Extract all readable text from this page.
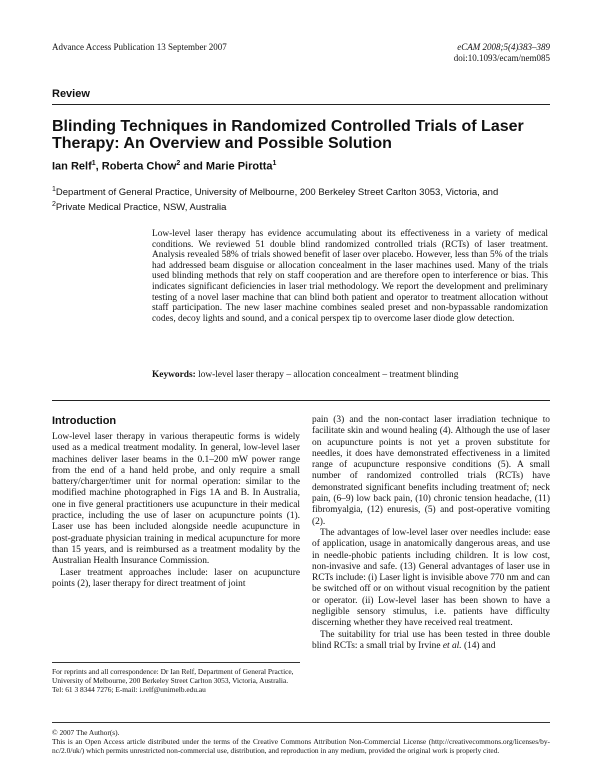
Advance Access Publication 13 September 2007	eCAM 2008;5(4)383–389
doi:10.1093/ecam/nem085
Review
Blinding Techniques in Randomized Controlled Trials of Laser Therapy: An Overview and Possible Solution
Ian Relf$^1$, Roberta Chow$^2$ and Marie Pirotta$^1$
$^1$Department of General Practice, University of Melbourne, 200 Berkeley Street Carlton 3053, Victoria, and
$^2$Private Medical Practice, NSW, Australia
Low-level laser therapy has evidence accumulating about its effectiveness in a variety of medical conditions. We reviewed 51 double blind randomized controlled trials (RCTs) of laser treatment. Analysis revealed 58% of trials showed benefit of laser over placebo. However, less than 5% of the trials had addressed beam disguise or allocation concealment in the laser machines used. Many of the trials used blinding methods that rely on staff cooperation and are therefore open to interference or bias. This indicates significant deficiencies in laser trial methodology. We report the development and preliminary testing of a novel laser machine that can blind both patient and operator to treatment allocation without staff participation. The new laser machine combines sealed preset and non-bypassable randomization codes, decoy lights and sound, and a conical perspex tip to overcome laser diode glow detection.
Keywords: low-level laser therapy – allocation concealment – treatment blinding
Introduction

Low-level laser therapy in various therapeutic forms is widely used as a medical treatment modality. In general, low-level laser machines deliver laser beams in the 0.1–200 mW power range from the end of a hand held probe, and only require a small battery/charger/timer unit for normal operation: similar to the modified machine photographed in Figs 1A and B. In Australia, one in five general practitioners use acupuncture in their medical practice, including the use of laser on acupuncture points (1). Laser use has been included alongside needle acupuncture in post-graduate physician training in medical acupuncture for more than 15 years, and is reimbursed as a treatment modality by the Australian Health Insurance Commission.

Laser treatment approaches include: laser on acupuncture points (2), laser therapy for direct treatment of joint

pain (3) and the non-contact laser irradiation technique to facilitate skin and wound healing (4). Although the use of laser on acupuncture points is not yet a proven substitute for needles, it does have demonstrated effectiveness in a limited range of acupuncture responsive conditions (5). A small number of randomized controlled trials (RCTs) have demonstrated significant benefits including treatment of; neck pain, (6–9) low back pain, (10) chronic tension headache, (11) fibromyalgia, (12) enuresis, (5) and post-operative vomiting (2).

The advantages of low-level laser over needles include: ease of application, usage in anatomically dangerous areas, and use in needle-phobic patients including children. It is low cost, non-invasive and safe. (13) General advantages of laser use in RCTs include: (i) Laser light is invisible above 770 nm and can be switched off or on without visual recognition by the patient or operator. (ii) Low-level laser has been shown to have a negligible sensory stimulus, i.e. patients have difficulty discerning whether they have received real treatment.

The suitability for trial use has been tested in three double blind RCTs: a small trial by Irvine et al. (14) and

For reprints and all correspondence: Dr Ian Relf, Department of General Practice, University of Melbourne, 200 Berkeley Street Carlton 3053, Victoria, Australia. Tel: 61 3 8344 7276; E-mail: i.relf@unimelb.edu.au
© 2007 The Author(s).
This is an Open Access article distributed under the terms of the Creative Commons Attribution Non-Commercial License (http://creativecommons.org/licenses/by-nc/2.0/uk/) which permits unrestricted non-commercial use, distribution, and reproduction in any medium, provided the original work is properly cited.
